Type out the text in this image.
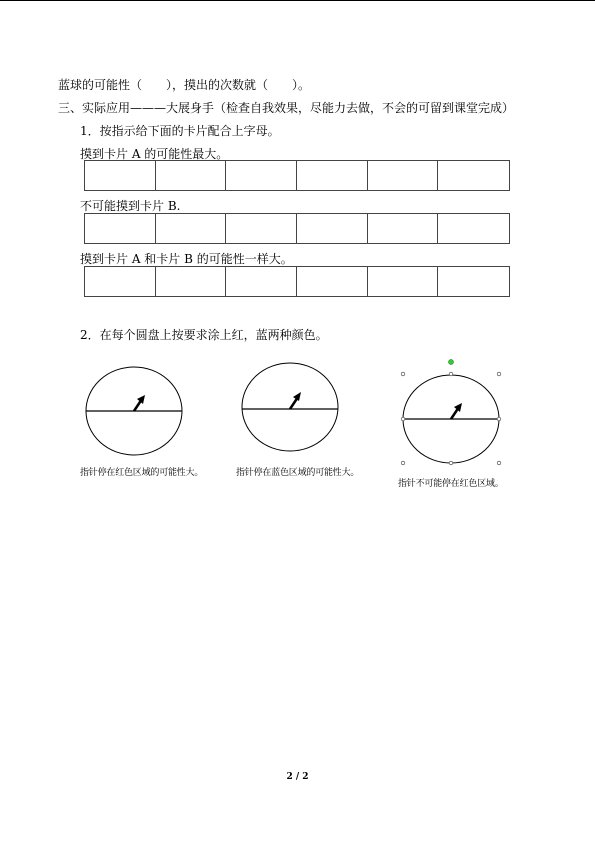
蓝球的可能性（　　），摸出的次数就（　　）。
三、实际应用———大展身手（检查自我效果，尽能力去做，不会的可留到课堂完成）
1．按指示给下面的卡片配合上字母。
摸到卡片 A 的可能性最大。
不可能摸到卡片 B.
摸到卡片 A 和卡片 B 的可能性一样大。
2．在每个圆盘上按要求涂上红，蓝两种颜色。
指针停在红色区域的可能性大。	指针停在蓝色区域的可能性大。
指针不可能停在红色区域。
2 / 2
